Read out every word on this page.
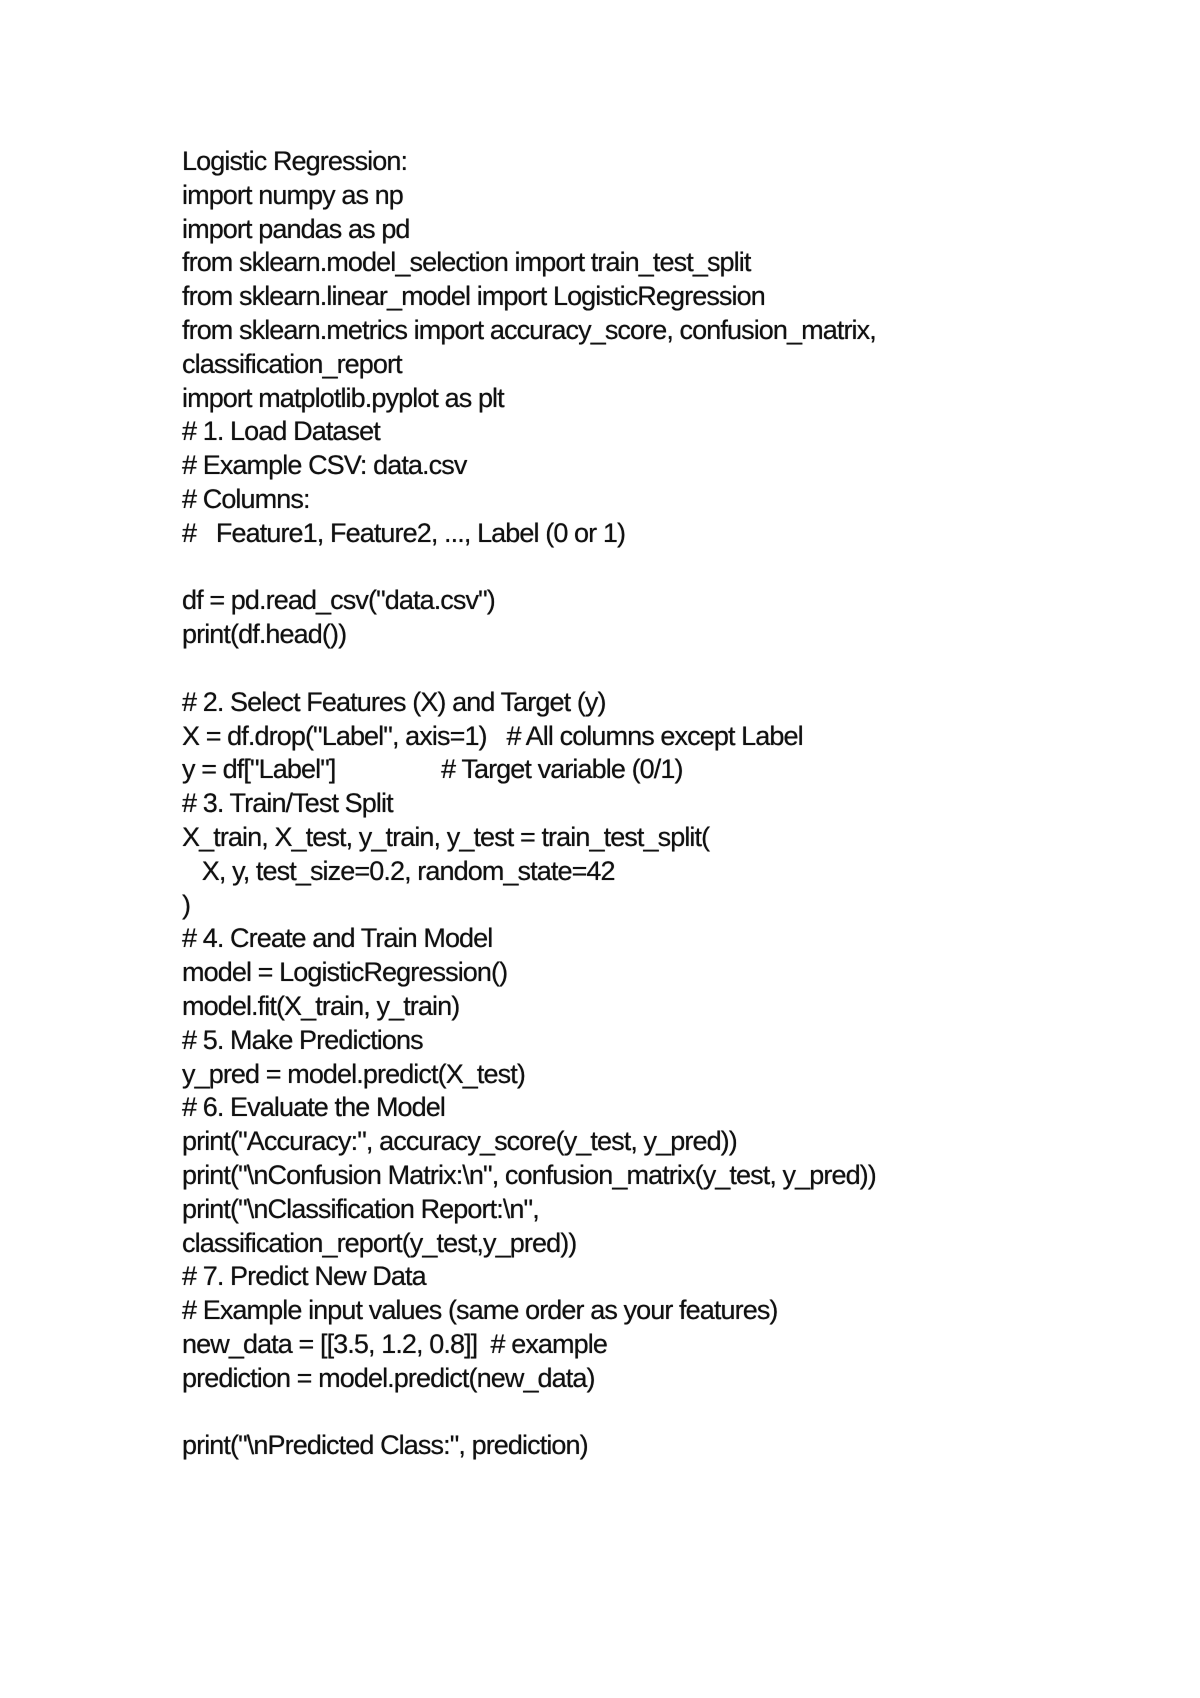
Logistic Regression:
import numpy as np
import pandas as pd
from sklearn.model_selection import train_test_split
from sklearn.linear_model import LogisticRegression
from sklearn.metrics import accuracy_score, confusion_matrix,
classification_report
import matplotlib.pyplot as plt
# 1. Load Dataset
# Example CSV: data.csv
# Columns:
#   Feature1, Feature2, ..., Label (0 or 1)
df = pd.read_csv("data.csv")
print(df.head())
# 2. Select Features (X) and Target (y)
X = df.drop("Label", axis=1)   # All columns except Label
y = df["Label"]                # Target variable (0/1)
# 3. Train/Test Split
X_train, X_test, y_train, y_test = train_test_split(
X, y, test_size=0.2, random_state=42
)
# 4. Create and Train Model
model = LogisticRegression()
model.fit(X_train, y_train)
# 5. Make Predictions
y_pred = model.predict(X_test)
# 6. Evaluate the Model
print("Accuracy:", accuracy_score(y_test, y_pred))
print("\nConfusion Matrix:\n", confusion_matrix(y_test, y_pred))
print("\nClassification Report:\n",
classification_report(y_test,y_pred))
# 7. Predict New Data
# Example input values (same order as your features)
new_data = [[3.5, 1.2, 0.8]]  # example
prediction = model.predict(new_data)
print("\nPredicted Class:", prediction)
